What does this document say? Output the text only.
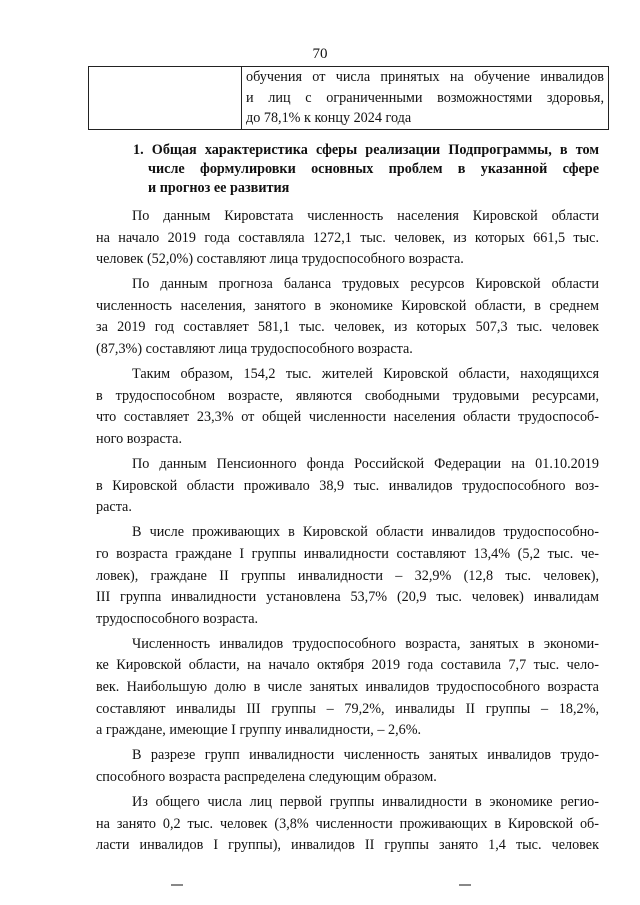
70

обучения от числа принятых на обучение инвалидов
и лиц с ограниченными возможностями здоровья,
до 78,1% к концу 2024 года
1. Общая характеристика сферы реализации Подпрограммы, в том
числе формулировки основных проблем в указанной сфере
и прогноз ее развития
По данным Кировстата численность населения Кировской области
на начало 2019 года составляла 1272,1 тыс. человек, из которых 661,5 тыс.
человек (52,0%) составляют лица трудоспособного возраста.
По данным прогноза баланса трудовых ресурсов Кировской области
численность населения, занятого в экономике Кировской области, в среднем
за 2019 год составляет 581,1 тыс. человек, из которых 507,3 тыс. человек
(87,3%) составляют лица трудоспособного возраста.
Таким образом, 154,2 тыс. жителей Кировской области, находящихся
в трудоспособном возрасте, являются свободными трудовыми ресурсами,
что составляет 23,3% от общей численности населения области трудоспособ-
ного возраста.
По данным Пенсионного фонда Российской Федерации на 01.10.2019
в Кировской области проживало 38,9 тыс. инвалидов трудоспособного воз-
раста.
В числе проживающих в Кировской области инвалидов трудоспособно-
го возраста граждане I группы инвалидности составляют 13,4% (5,2 тыс. че-
ловек), граждане II группы инвалидности – 32,9% (12,8 тыс. человек),
III группа инвалидности установлена 53,7% (20,9 тыс. человек) инвалидам
трудоспособного возраста.
Численность инвалидов трудоспособного возраста, занятых в экономи-
ке Кировской области, на начало октября 2019 года составила 7,7 тыс. чело-
век. Наибольшую долю в числе занятых инвалидов трудоспособного возраста
составляют инвалиды III группы – 79,2%, инвалиды II группы – 18,2%,
а граждане, имеющие I группу инвалидности, – 2,6%.
В разрезе групп инвалидности численность занятых инвалидов трудо-
способного возраста распределена следующим образом.
Из общего числа лиц первой группы инвалидности в экономике регио-
на занято 0,2 тыс. человек (3,8% численности проживающих в Кировской об-
ласти инвалидов I группы), инвалидов II группы занято 1,4 тыс. человек
